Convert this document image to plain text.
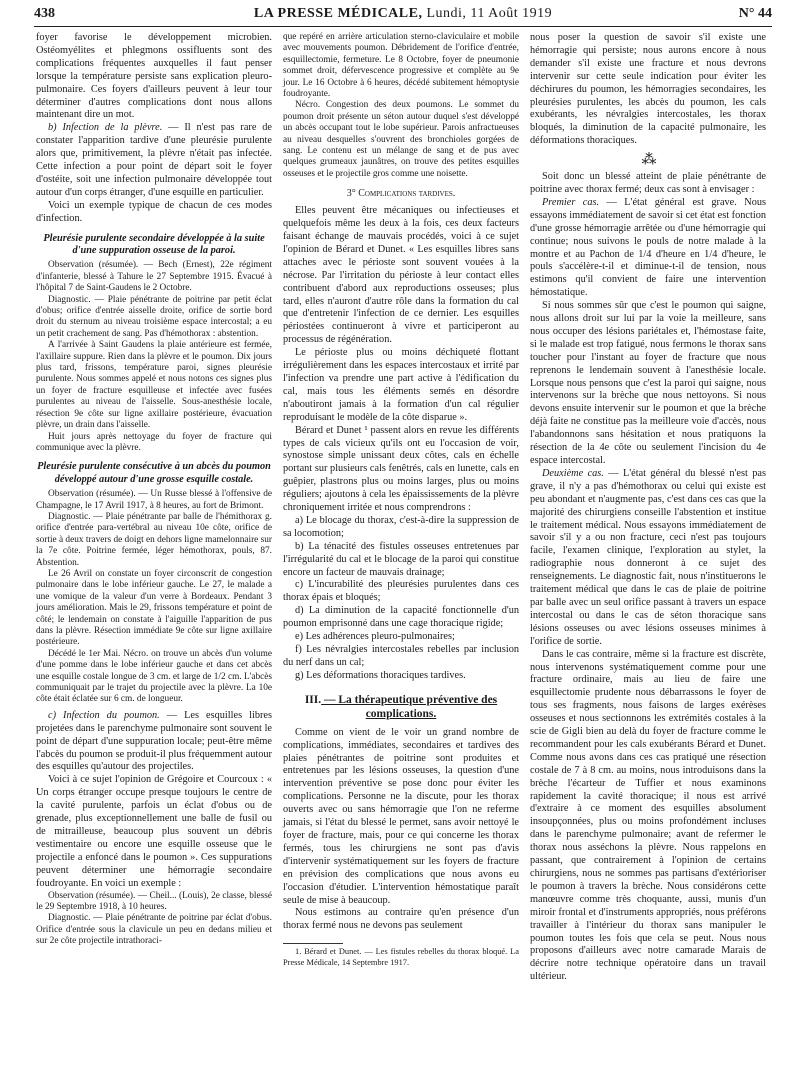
438	LA PRESSE MÉDICALE, Lundi, 11 Août 1919	N° 44

foyer favorise le développement microbien. Ostéomyélites et phlegmons ossifluents sont des complications fréquentes auxquelles il faut penser lorsque la température persiste sans explication pleuro-pulmonaire. Ces foyers d'ailleurs peuvent à leur tour déterminer d'autres complications dont nous allons maintenant dire un mot.

b) Infection de la plèvre. — Il n'est pas rare de constater l'apparition tardive d'une pleurésie purulente alors que, primitivement, la plèvre n'était pas infectée. Cette infection a pour point de départ soit le foyer d'ostéite, soit une infection pulmonaire développée tout autour d'un corps étranger, d'une esquille en particulier.

Voici un exemple typique de chacun de ces modes d'infection.

Pleurésie purulente secondaire développée à la suite d'une suppuration osseuse de la paroi.

Observation (résumée). — Bech (Ernest), 22e régiment d'infanterie, blessé à Tahure le 27 Septembre 1915. Évacué à l'hôpital 7 de Saint-Gaudens le 2 Octobre.

Diagnostic. — Plaie pénétrante de poitrine par petit éclat d'obus; orifice d'entrée aisselle droite, orifice de sortie bord droit du sternum au niveau troisième espace intercostal; a eu un petit crachement de sang. Pas d'hémothorax : abstention.

A l'arrivée à Saint Gaudens la plaie antérieure est fermée, l'axillaire suppure. Rien dans la plèvre et le poumon. Dix jours plus tard, frissons, température paroi, signes pleurésie purulente. Nous sommes appelé et nous notons ces signes plus un foyer de fracture esquilleuse et infectée avec fusées purulentes au niveau de l'aisselle. Sous-anesthésie locale, résection 9e côte sur ligne axillaire postérieure, évacuation plèvre, un drain dans l'aisselle.

Huit jours après nettoyage du foyer de fracture qui communique avec la plèvre.

Pleurésie purulente consécutive à un abcès du poumon développé autour d'une grosse esquille costale.

Observation (résumée). — Un Russe blessé à l'offensive de Champagne, le 17 Avril 1917, à 8 heures, au fort de Brimont.

Diagnostic. — Plaie pénétrante par balle de l'hémithorax g. orifice d'entrée para-vertébral au niveau 10e côte, orifice de sortie à deux travers de doigt en dehors ligne mamelonnaire sur la 7e côte. Poitrine fermée, léger hémothorax, pouls, 87. Abstention.

Le 26 Avril on constate un foyer circonscrit de congestion pulmonaire dans le lobe inférieur gauche. Le 27, le malade a une vomique de la valeur d'un verre à Bordeaux. Pendant 3 jours amélioration. Mais le 29, frissons température et point de côté; le lendemain on constate à l'aiguille l'apparition de pus dans la plèvre. Résection immédiate 9e côte sur ligne axillaire postérieure.

Décédé le 1er Mai. Nécro. on trouve un abcès d'un volume d'une pomme dans le lobe inférieur gauche et dans cet abcès une esquille costale longue de 3 cm. et large de 1/2 cm. L'abcès communiquait par le trajet du projectile avec la plèvre. La 10e côte était éclatée sur 6 cm. de longueur.

c) Infection du poumon. — Les esquilles libres projetées dans le parenchyme pulmonaire sont souvent le point de départ d'une suppuration locale; peut-être même l'abcès du poumon se produit-il plus fréquemment autour des esquilles qu'autour des projectiles.

Voici à ce sujet l'opinion de Grégoire et Courcoux : « Un corps étranger occupe presque toujours le centre de la cavité purulente, parfois un éclat d'obus ou de grenade, plus exceptionnellement une balle de fusil ou de mitrailleuse, beaucoup plus souvent un débris vestimentaire ou encore une esquille osseuse que le projectile a enfoncé dans le poumon ». Ces suppurations peuvent déterminer une hémorragie secondaire foudroyante. En voici un exemple :

Observation (résumée). — Cheil... (Louis), 2e classe, blessé le 29 Septembre 1918, à 10 heures.

Diagnostic. — Plaie pénétrante de poitrine par éclat d'obus. Orifice d'entrée sous la clavicule un peu en dedans milieu et sur 2e côte projectile intrathoraci-

que repéré en arrière articulation sterno-claviculaire et mobile avec mouvements poumon. Débridement de l'orifice d'entrée, esquillectomie, fermeture. Le 8 Octobre, foyer de pneumonie sommet droit, défervescence progressive et complète au 9e jour. Le 16 Octobre à 6 heures, décédé subitement hémoptysie foudroyante.

Nécro. Congestion des deux poumons. Le sommet du poumon droit présente un séton autour duquel s'est développé un abcès occupant tout le lobe supérieur. Parois anfractueuses au niveau desquelles s'ouvrent des bronchioles gorgées de sang. Le contenu est un mélange de sang et de pus avec quelques grumeaux jaunâtres, on trouve des petites esquilles osseuses et le projectile gros comme une noisette.

3° Complications tardives.

Elles peuvent être mécaniques ou infectieuses et quelquefois même les deux à la fois, ces deux facteurs faisant échange de mauvais procédés, voici à ce sujet l'opinion de Bérard et Dunet. « Les esquilles libres sans attaches avec le périoste sont souvent vouées à la nécrose. Par l'irritation du périoste à leur contact elles contribuent d'abord aux reproductions osseuses; plus tard, elles n'auront d'autre rôle dans la formation du cal que d'entretenir l'infection de ce dernier. Les esquilles périostées continueront à vivre et participeront au processus de régénération.

Le périoste plus ou moins déchiqueté flottant irrégulièrement dans les espaces intercostaux et irrité par l'infection va prendre une part active à l'édification du cal, mais tous les éléments semés en désordre n'aboutiront jamais à la formation d'un cal régulier reproduisant le modèle de la côte disparue ».

Bérard et Dunet ¹ passent alors en revue les différents types de cals vicieux qu'ils ont eu l'occasion de voir, synostose simple unissant deux côtes, cals en échelle portant sur plusieurs cals fenêtrés, cals en lunette, cals en guêpier, plastrons plus ou moins larges, plus ou moins réguliers; ajoutons à cela les épaississements de la plèvre chroniquement irritée et nous comprendrons :

a) Le blocage du thorax, c'est-à-dire la suppression de sa locomotion;

b) La ténacité des fistules osseuses entretenues par l'irrégularité du cal et le blocage de la paroi qui constitue encore un facteur de mauvais drainage;

c) L'incurabilité des pleurésies purulentes dans ces thorax épais et bloqués;

d) La diminution de la capacité fonctionnelle d'un poumon emprisonné dans une cage thoracique rigide;

e) Les adhérences pleuro-pulmonaires;

f) Les névralgies intercostales rebelles par inclusion du nerf dans un cal;

g) Les déformations thoraciques tardives.

III. — La thérapeutique préventive des complications.

Comme on vient de le voir un grand nombre de complications, immédiates, secondaires et tardives des plaies pénétrantes de poitrine sont produites et entretenues par les lésions osseuses, la question d'une intervention préventive se pose donc pour éviter les complications. Personne ne la discute, pour les thorax ouverts avec ou sans hémorragie que l'on ne referme jamais, si l'état du blessé le permet, sans avoir nettoyé le foyer de fracture, mais, pour ce qui concerne les thorax fermés, tous les chirurgiens ne sont pas d'avis d'intervenir systématiquement sur les foyers de fracture en prévision des complications que nous avons eu l'occasion d'étudier. L'intervention hémostatique paraît seule de mise à beaucoup.

Nous estimons au contraire qu'en présence d'un thorax fermé nous ne devons pas seulement

1. Bérard et Dunet. — Les fistules rebelles du thorax bloqué. La Presse Médicale, 14 Septembre 1917.

nous poser la question de savoir s'il existe une hémorragie qui persiste; nous aurons encore à nous demander s'il existe une fracture et nous devrons intervenir sur cette seule indication pour éviter les déchirures du poumon, les hémorragies secondaires, les pleurésies purulentes, les abcès du poumon, les cals exubérants, les névralgies intercostales, les thorax bloqués, la diminution de la capacité pulmonaire, les déformations thoraciques.

⁂

Soit donc un blessé atteint de plaie pénétrante de poitrine avec thorax fermé; deux cas sont à envisager :

Premier cas. — L'état général est grave. Nous essayons immédiatement de savoir si cet état est fonction d'une grosse hémorragie arrêtée ou d'une hémorragie qui continue; nous suivons le pouls de notre malade à la montre et au Pachon de 1/4 d'heure en 1/4 d'heure, le pouls s'accélère-t-il et diminue-t-il de tension, nous estimons qu'il convient de faire une intervention hémostatique.

Si nous sommes sûr que c'est le poumon qui saigne, nous allons droit sur lui par la voie la meilleure, sans nous occuper des lésions pariétales et, l'hémostase faite, si le malade est trop fatigué, nous fermons le thorax sans toucher pour l'instant au foyer de fracture que nous reprenons le lendemain souvent à l'anesthésie locale. Lorsque nous pensons que c'est la paroi qui saigne, nous intervenons sur la brèche que nous nettoyons. Si nous devons ensuite intervenir sur le poumon et que la brèche déjà faite ne constitue pas la meilleure voie d'accès, nous l'abandonnons sans hésitation et nous pratiquons la résection de la 4e côte ou seulement l'incision du 4e espace intercostal.

Deuxième cas. — L'état général du blessé n'est pas grave, il n'y a pas d'hémothorax ou celui qui existe est peu abondant et n'augmente pas, c'est dans ces cas que la majorité des chirurgiens conseille l'abstention et institue le traitement médical. Nous essayons immédiatement de savoir s'il y a ou non fracture, ceci n'est pas toujours facile, l'examen clinique, l'exploration au stylet, la radiographie nous donneront à ce sujet des renseignements. Le diagnostic fait, nous n'instituerons le traitement médical que dans le cas de plaie de poitrine par balle avec un seul orifice passant à travers un espace intercostal ou dans le cas de séton thoracique sans lésions osseuses ou avec lésions osseuses minimes à l'orifice de sortie.

Dans le cas contraire, même si la fracture est discrète, nous intervenons systématiquement comme pour une fracture ordinaire, mais au lieu de faire une esquillectomie prudente nous débarrassons le foyer de tous ses fragments, nous faisons de larges exérèses osseuses et nous sectionnons les extrémités costales à la scie de Gigli bien au delà du foyer de fracture comme le recommandent pour les cals exubérants Bérard et Dunet. Comme nous avons dans ces cas pratiqué une résection costale de 7 à 8 cm. au moins, nous introduisons dans la brèche l'écarteur de Tuffier et nous examinons rapidement la cavité thoracique; il nous est arrivé d'extraire à ce moment des esquilles absolument insoupçonnées, plus ou moins profondément incluses dans le parenchyme pulmonaire; avant de refermer le thorax nous asséchons la plèvre. Nous rappelons en passant, que contrairement à l'opinion de certains chirurgiens, nous ne sommes pas partisans d'extérioriser le poumon à travers la brèche. Nous considérons cette manœuvre comme très choquante, aussi, munis d'un miroir frontal et d'instruments appropriés, nous préférons travailler à l'intérieur du thorax sans manipuler le poumon toutes les fois que cela se peut. Nous nous proposons d'ailleurs avec notre camarade Marais de décrire notre technique opératoire dans un travail ultérieur.
